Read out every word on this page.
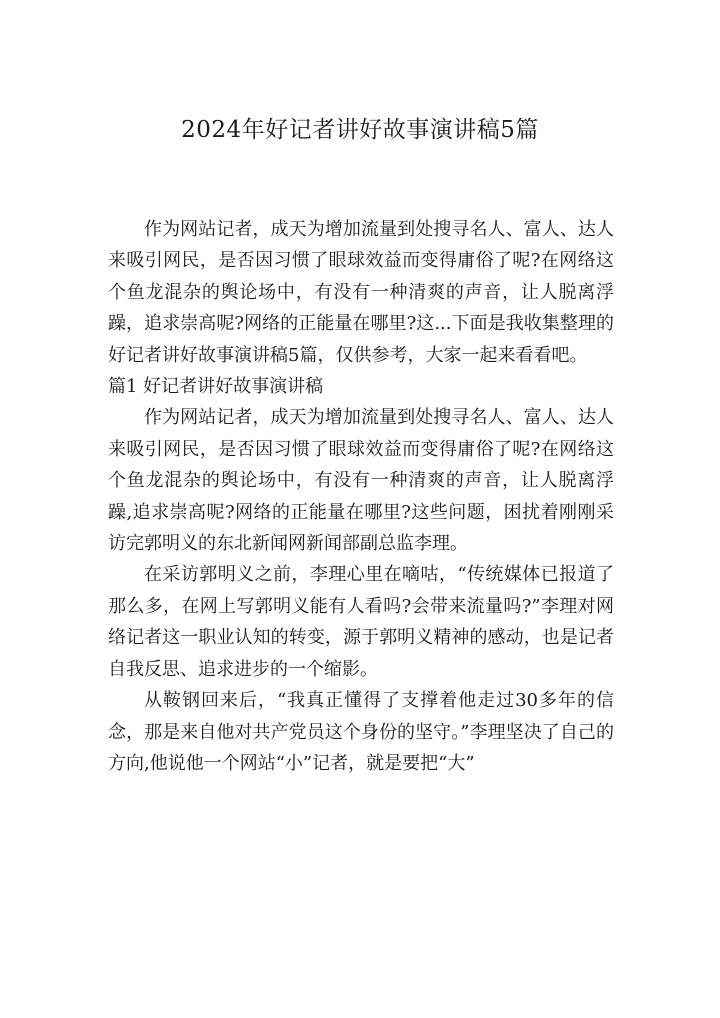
2024年好记者讲好故事演讲稿5篇

作为网站记者，成天为增加流量到处搜寻名人、富人、达人来吸引网民，是否因习惯了眼球效益而变得庸俗了呢?在网络这个鱼龙混杂的舆论场中，有没有一种清爽的声音，让人脱离浮躁，追求崇高呢?网络的正能量在哪里?这...下面是我收集整理的好记者讲好故事演讲稿5篇，仅供参考，大家一起来看看吧。

篇1 好记者讲好故事演讲稿

作为网站记者，成天为增加流量到处搜寻名人、富人、达人来吸引网民，是否因习惯了眼球效益而变得庸俗了呢?在网络这个鱼龙混杂的舆论场中，有没有一种清爽的声音，让人脱离浮躁,追求崇高呢?网络的正能量在哪里?这些问题，困扰着刚刚采访完郭明义的东北新闻网新闻部副总监李理。

在采访郭明义之前，李理心里在嘀咕，“传统媒体已报道了那么多，在网上写郭明义能有人看吗?会带来流量吗?”李理对网络记者这一职业认知的转变，源于郭明义精神的感动，也是记者自我反思、追求进步的一个缩影。

从鞍钢回来后，“我真正懂得了支撑着他走过30多年的信念，那是来自他对共产党员这个身份的坚守。”李理坚决了自己的方向,他说他一个网站“小”记者，就是要把“大”
